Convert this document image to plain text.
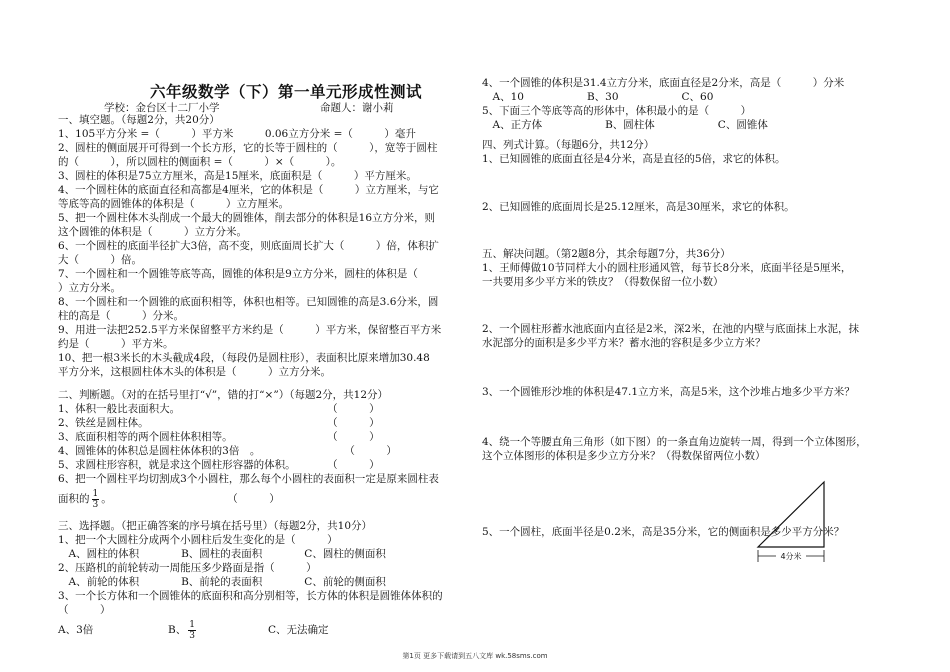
六年级数学（下）第一单元形成性测试
学校：金台区十二厂小学	命题人：谢小莉
一、填空题。（每题2分，共20分）
1、105平方分米 =（　　　）平方米　　　0.06立方分米 =（　　　）毫升
2、圆柱的侧面展开可得到一个长方形，它的长等于圆柱的（　　　），宽等于圆柱
的（　　　），所以圆柱的侧面积 =（　　　）×（　　　）。
3、圆柱的体积是75立方厘米，高是15厘米，底面积是（　　　）平方厘米。
4、一个圆柱体的底面直径和高都是4厘米，它的体积是（　　　）立方厘米，与它
等底等高的圆锥体的体积是（　　　）立方厘米。
5、把一个圆柱体木头削成一个最大的圆锥体，削去部分的体积是16立方分米，则
这个圆锥的体积是（　　　）立方分米。
6、一个圆柱的底面半径扩大3倍，高不变，则底面周长扩大（　　　）倍，体积扩
大（　　　）倍。
7、一个圆柱和一个圆锥等底等高，圆锥的体积是9立方分米，圆柱的体积是（
）立方分米。
8、一个圆柱和一个圆锥的底面积相等，体积也相等。已知圆锥的高是3.6分米，圆
柱的高是（　　　）分米。
9、用进一法把252.5平方米保留整平方米约是（　　　）平方米，保留整百平方米
约是（　　　）平方米。
10、把一根3米长的木头截成4段，（每段仍是圆柱形），表面积比原来增加30.48
平方分米，这根圆柱体木头的体积是（　　　）立方分米。
二、判断题。（对的在括号里打“√”，错的打“×”）（每题2分，共12分）
1、体积一般比表面积大。　　　　　　　　　　　　　　　（　　　）
2、铁丝是圆柱体。　　　　　　　　　　　　　　　　　　（　　　）
3、底面积相等的两个圆柱体积相等。　　　　　　　　　　（　　　）
4、圆锥体的体积总是圆柱体体积的3倍　。　　　　　　　　　（　　　）
5、求圆柱形容积，就是求这个圆柱形容器的体积。　　　　（　　　）
6、把一个圆柱平均切割成3个小圆柱，那么每个小圆柱的表面积一定是原来圆柱表
面积的 $\frac{1}{3}$ 。　　　　　　　　　　　　（　　　）
三、选择题。（把正确答案的序号填在括号里）（每题2分，共10分）
1、把一个大圆柱分成两个小圆柱后发生变化的是（　　　）
　A、圆柱的体积　　　　B、圆柱的表面积　　　　C、圆柱的侧面积
2、压路机的前轮转动一周能压多少路面是指（　　　）
　A、前轮的体积　　　　B、前轮的表面积　　　　C、前轮的侧面积
3、一个长方体和一个圆锥体的底面积和高分别相等，长方体的体积是圆锥体体积的
（　　　）
A、3倍	B、 $\frac{1}{3}$	C、无法确定
4、一个圆锥的体积是31.4立方分米，底面直径是2分米，高是（　　　）分米
　A、10　　　　　　B、30　　　　　　C、60
5、下面三个等底等高的形体中，体积最小的是（　　　）
　A、正方体　　　　　　B、圆柱体　　　　　　C、圆锥体
四、列式计算。（每题6分，共12分）
1、已知圆锥的底面直径是4分米，高是直径的5倍，求它的体积。
2、已知圆锥的底面周长是25.12厘米，高是30厘米，求它的体积。
五、解决问题。（第2题8分，其余每题7分，共36分）
1、王师傅做10节同样大小的圆柱形通风管，每节长8分米，底面半径是5厘米，
一共要用多少平方米的铁皮？（得数保留一位小数）
2、一个圆柱形蓄水池底面内直径是2米，深2米，在池的内壁与底面抹上水泥，抹
水泥部分的面积是多少平方米？蓄水池的容积是多少立方米？
3、一个圆锥形沙堆的体积是47.1立方米，高是5米，这个沙堆占地多少平方米？
4、绕一个等腰直角三角形（如下图）的一条直角边旋转一周，得到一个立体图形，
这个立体图形的体积是多少立方分米？（得数保留两位小数）
5、一个圆柱，底面半径是0.2米，高是35分米，它的侧面积是多少平方分米？
4分米
第1页 更多下载请到五八文库 wk.58sms.com
